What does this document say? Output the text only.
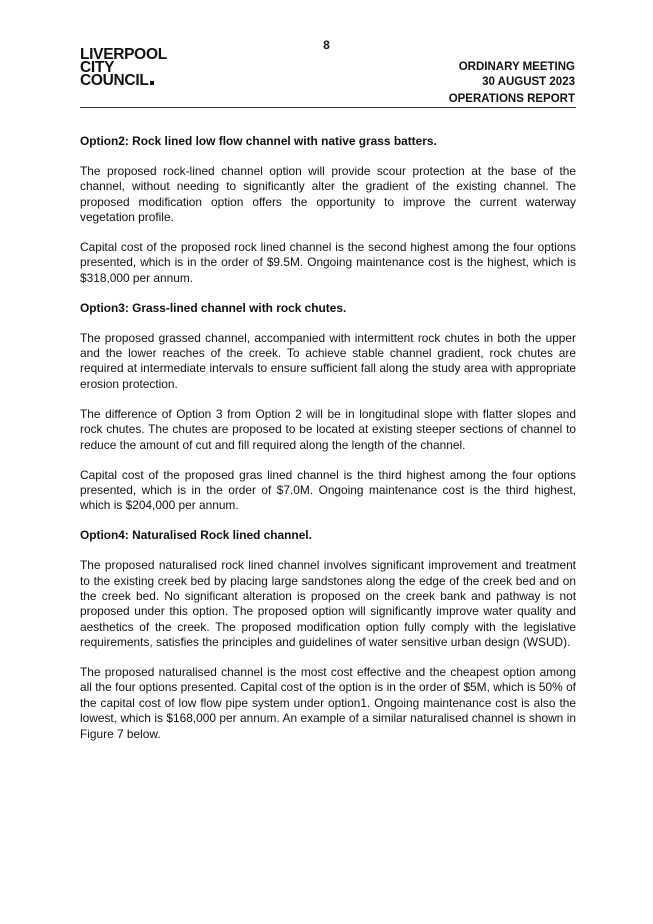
8
LIVERPOOL
CITY
COUNCIL
ORDINARY MEETING
30 AUGUST 2023
OPERATIONS REPORT

Option2: Rock lined low flow channel with native grass batters.

The proposed rock-lined channel option will provide scour protection at the base of the channel, without needing to significantly alter the gradient of the existing channel. The proposed modification option offers the opportunity to improve the current waterway vegetation profile.

Capital cost of the proposed rock lined channel is the second highest among the four options presented, which is in the order of $9.5M. Ongoing maintenance cost is the highest, which is $318,000 per annum.

Option3: Grass-lined channel with rock chutes.

The proposed grassed channel, accompanied with intermittent rock chutes in both the upper and the lower reaches of the creek. To achieve stable channel gradient, rock chutes are required at intermediate intervals to ensure sufficient fall along the study area with appropriate erosion protection.

The difference of Option 3 from Option 2 will be in longitudinal slope with flatter slopes and rock chutes. The chutes are proposed to be located at existing steeper sections of channel to reduce the amount of cut and fill required along the length of the channel.

Capital cost of the proposed gras lined channel is the third highest among the four options presented, which is in the order of $7.0M. Ongoing maintenance cost is the third highest, which is $204,000 per annum.

Option4: Naturalised Rock lined channel.

The proposed naturalised rock lined channel involves significant improvement and treatment to the existing creek bed by placing large sandstones along the edge of the creek bed and on the creek bed. No significant alteration is proposed on the creek bank and pathway is not proposed under this option. The proposed option will significantly improve water quality and aesthetics of the creek. The proposed modification option fully comply with the legislative requirements, satisfies the principles and guidelines of water sensitive urban design (WSUD).

The proposed naturalised channel is the most cost effective and the cheapest option among all the four options presented. Capital cost of the option is in the order of $5M, which is 50% of the capital cost of low flow pipe system under option1. Ongoing maintenance cost is also the lowest, which is $168,000 per annum. An example of a similar naturalised channel is shown in Figure 7 below.
